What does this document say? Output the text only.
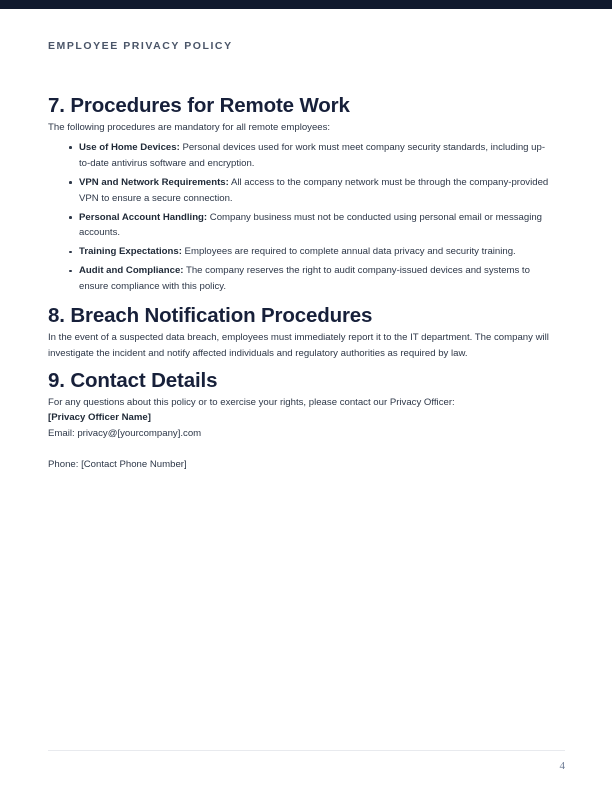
EMPLOYEE PRIVACY POLICY
7. Procedures for Remote Work

The following procedures are mandatory for all remote employees:

Use of Home Devices: Personal devices used for work must meet company security standards, including up-to-date antivirus software and encryption.
VPN and Network Requirements: All access to the company network must be through the company-provided VPN to ensure a secure connection.
Personal Account Handling: Company business must not be conducted using personal email or messaging accounts.
Training Expectations: Employees are required to complete annual data privacy and security training.
Audit and Compliance: The company reserves the right to audit company-issued devices and systems to ensure compliance with this policy.
8. Breach Notification Procedures

In the event of a suspected data breach, employees must immediately report it to the IT department. The company will investigate the incident and notify affected individuals and regulatory authorities as required by law.

9. Contact Details

For any questions about this policy or to exercise your rights, please contact our Privacy Officer:

[Privacy Officer Name]

Email: privacy@[yourcompany].com

Phone: [Contact Phone Number]

4
